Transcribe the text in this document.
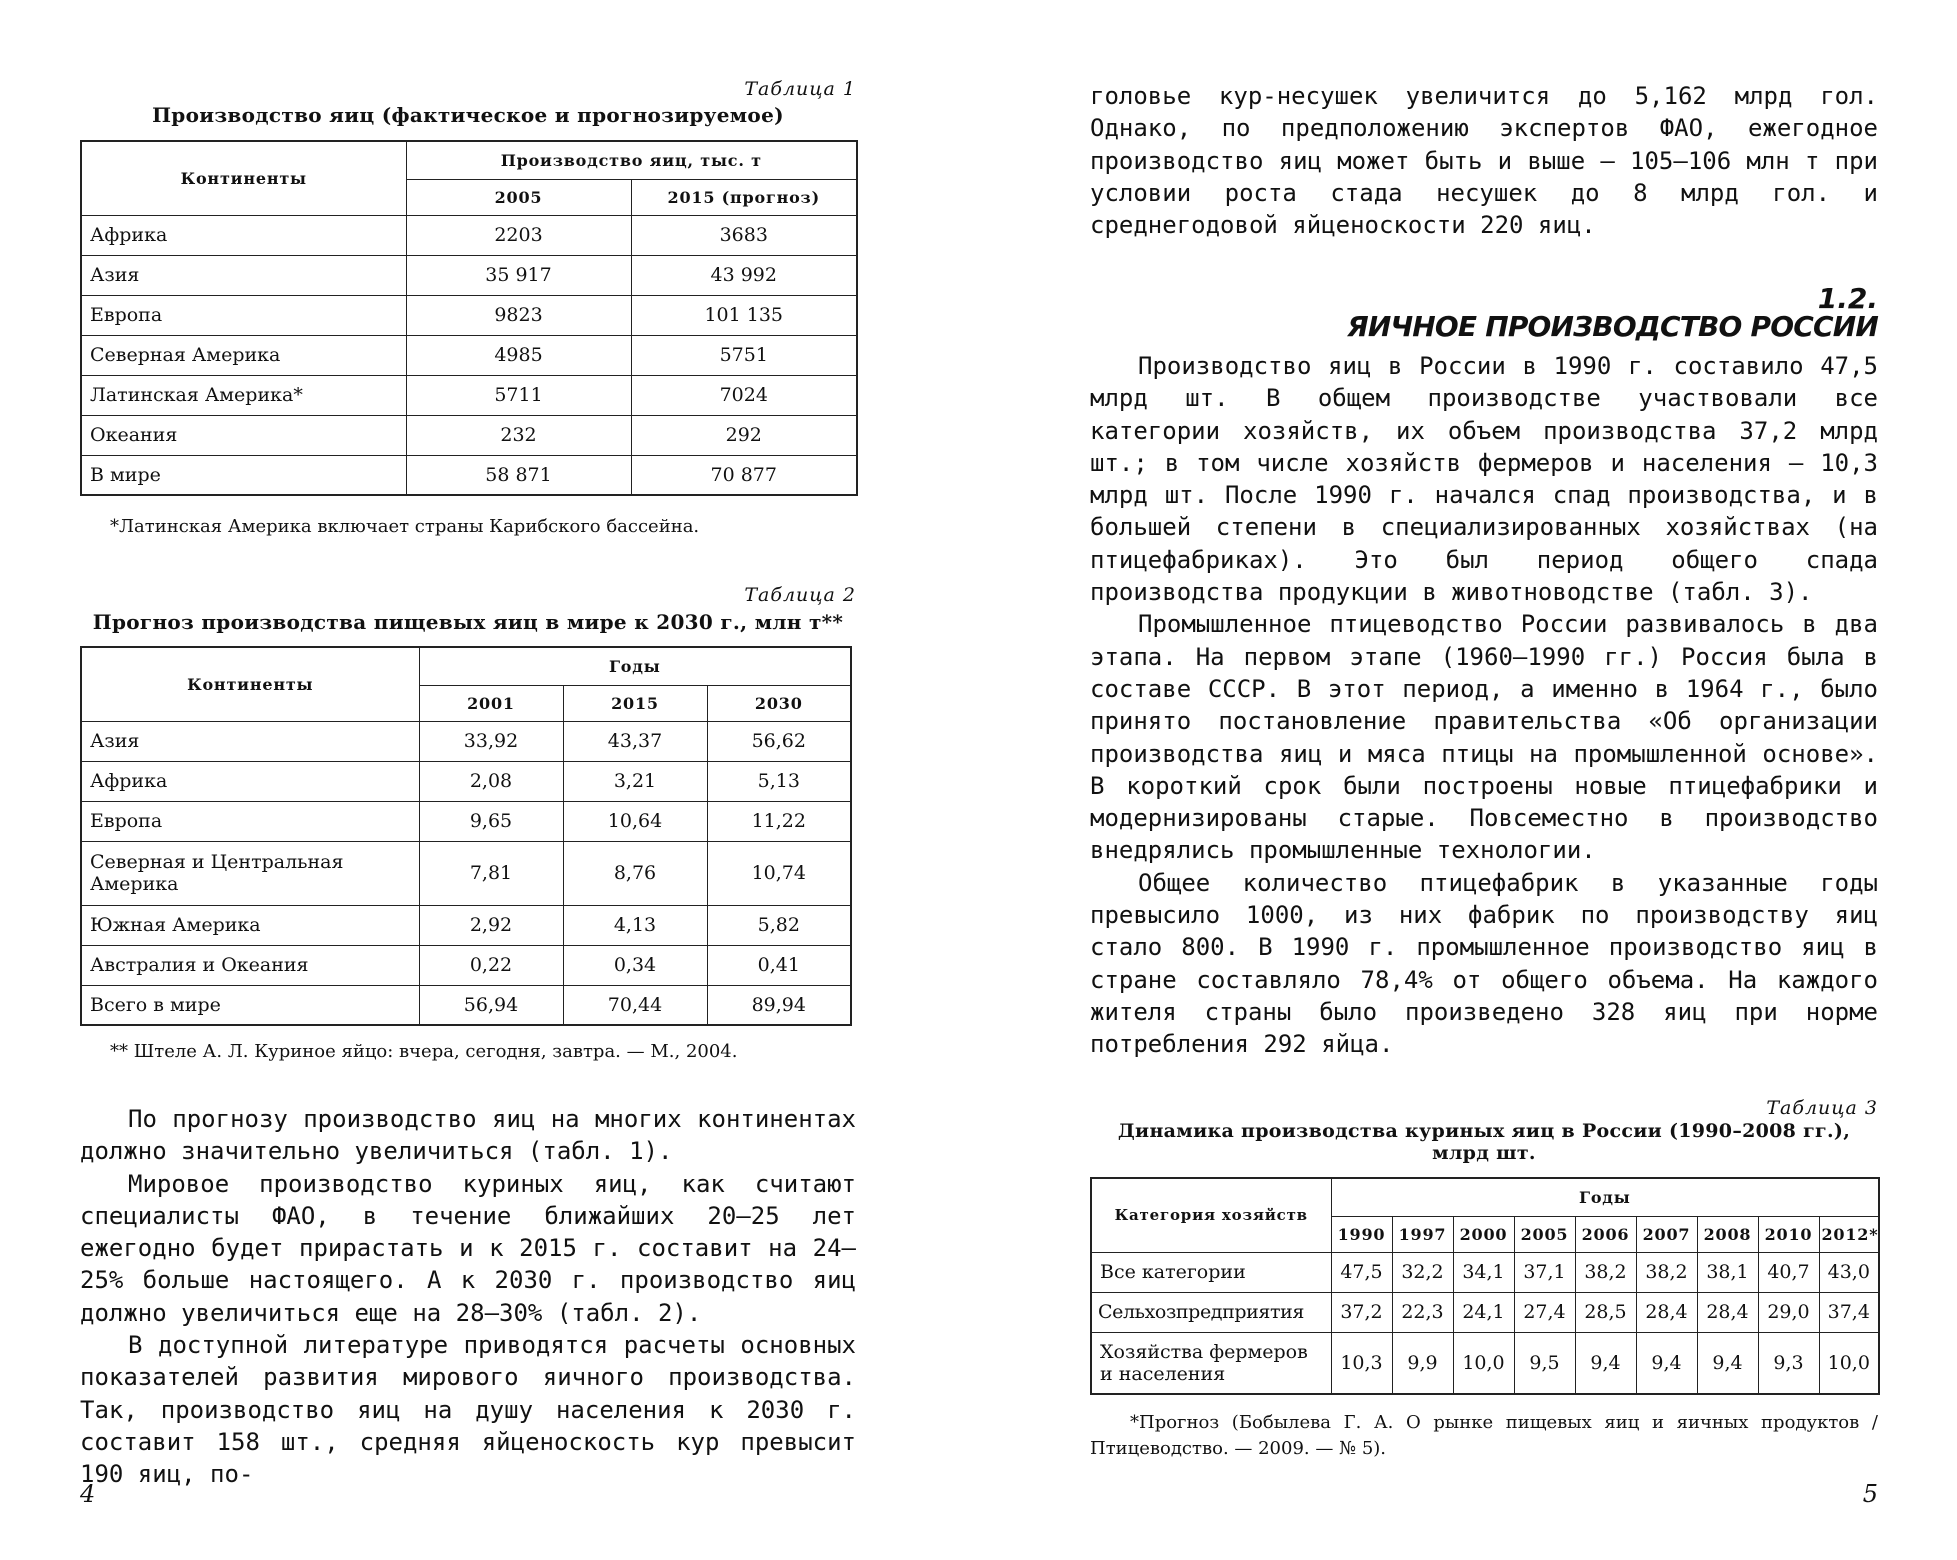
Таблица 1
Производство яиц (фактическое и прогнозируемое)
Континенты	Производство яиц, тыс. т	
	2005	2015 (прогноз)
Африка	2203	3683
Азия	35 917	43 992
Европа	9823	101 135
Северная Америка	4985	5751
Латинская Америка*	5711	7024
Океания	232	292
В мире	58 871	70 877
*Латинская Америка включает страны Карибского бассейна.
Таблица 2
Прогноз производства пищевых яиц в мире к 2030 г., млн т**
Континенты	Годы		
	2001	2015	2030
Азия	33,92	43,37	56,62
Африка	2,08	3,21	5,13
Европа	9,65	10,64	11,22
Северная и Центральная Америка	7,81	8,76	10,74
Южная Америка	2,92	4,13	5,82
Австралия и Океания	0,22	0,34	0,41
Всего в мире	56,94	70,44	89,94
** Штеле А. Л. Куриное яйцо: вчера, сегодня, завтра. — М., 2004.

По прогнозу производство яиц на многих континентах должно значительно увеличиться (табл. 1).

Мировое производство куриных яиц, как считают специалисты ФАО, в течение ближайших 20–25 лет ежегодно будет прирастать и к 2015 г. составит на 24–25% больше настоящего. А к 2030 г. производство яиц должно увеличиться еще на 28–30% (табл. 2).

В доступной литературе приводятся расчеты основных показателей развития мирового яичного производства. Так, производство яиц на душу населения к 2030 г. составит 158 шт., средняя яйценоскость кур превысит 190 яиц, по-

4

головье кур-несушек увеличится до 5,162 млрд гол. Однако, по предположению экспертов ФАО, ежегодное производство яиц может быть и выше — 105–106 млн т при условии роста стада несушек до 8 млрд гол. и среднегодовой яйценоскости 220 яиц.

1.2.
ЯИЧНОЕ ПРОИЗВОДСТВО РОССИИ

Производство яиц в России в 1990 г. составило 47,5 млрд шт. В общем производстве участвовали все категории хозяйств, их объем производства 37,2 млрд шт.; в том числе хозяйств фермеров и населения — 10,3 млрд шт. После 1990 г. начался спад производства, и в большей степени в специализированных хозяйствах (на птицефабриках). Это был период общего спада производства продукции в животноводстве (табл. 3).

Промышленное птицеводство России развивалось в два этапа. На первом этапе (1960–1990 гг.) Россия была в составе СССР. В этот период, а именно в 1964 г., было принято постановление правительства «Об организации производства яиц и мяса птицы на промышленной основе». В короткий срок были построены новые птицефабрики и модернизированы старые. Повсеместно в производство внедрялись промышленные технологии.

Общее количество птицефабрик в указанные годы превысило 1000, из них фабрик по производству яиц стало 800. В 1990 г. промышленное производство яиц в стране составляло 78,4% от общего объема. На каждого жителя страны было произведено 328 яиц при норме потребления 292 яйца.

Таблица 3
Динамика производства куриных яиц в России (1990–2008 гг.), млрд шт.
Категория хозяйств	Годы								
	1990	1997	2000	2005	2006	2007	2008	2010	2012*
Все категории	47,5	32,2	34,1	37,1	38,2	38,2	38,1	40,7	43,0
Сельхозпредприятия	37,2	22,3	24,1	27,4	28,5	28,4	28,4	29,0	37,4
Хозяйства фермеров и населения	10,3	9,9	10,0	9,5	9,4	9,4	9,4	9,3	10,0
*Прогноз (Бобылева Г. А. О рынке пищевых яиц и яичных продуктов / Птицеводство. — 2009. — № 5).
5
